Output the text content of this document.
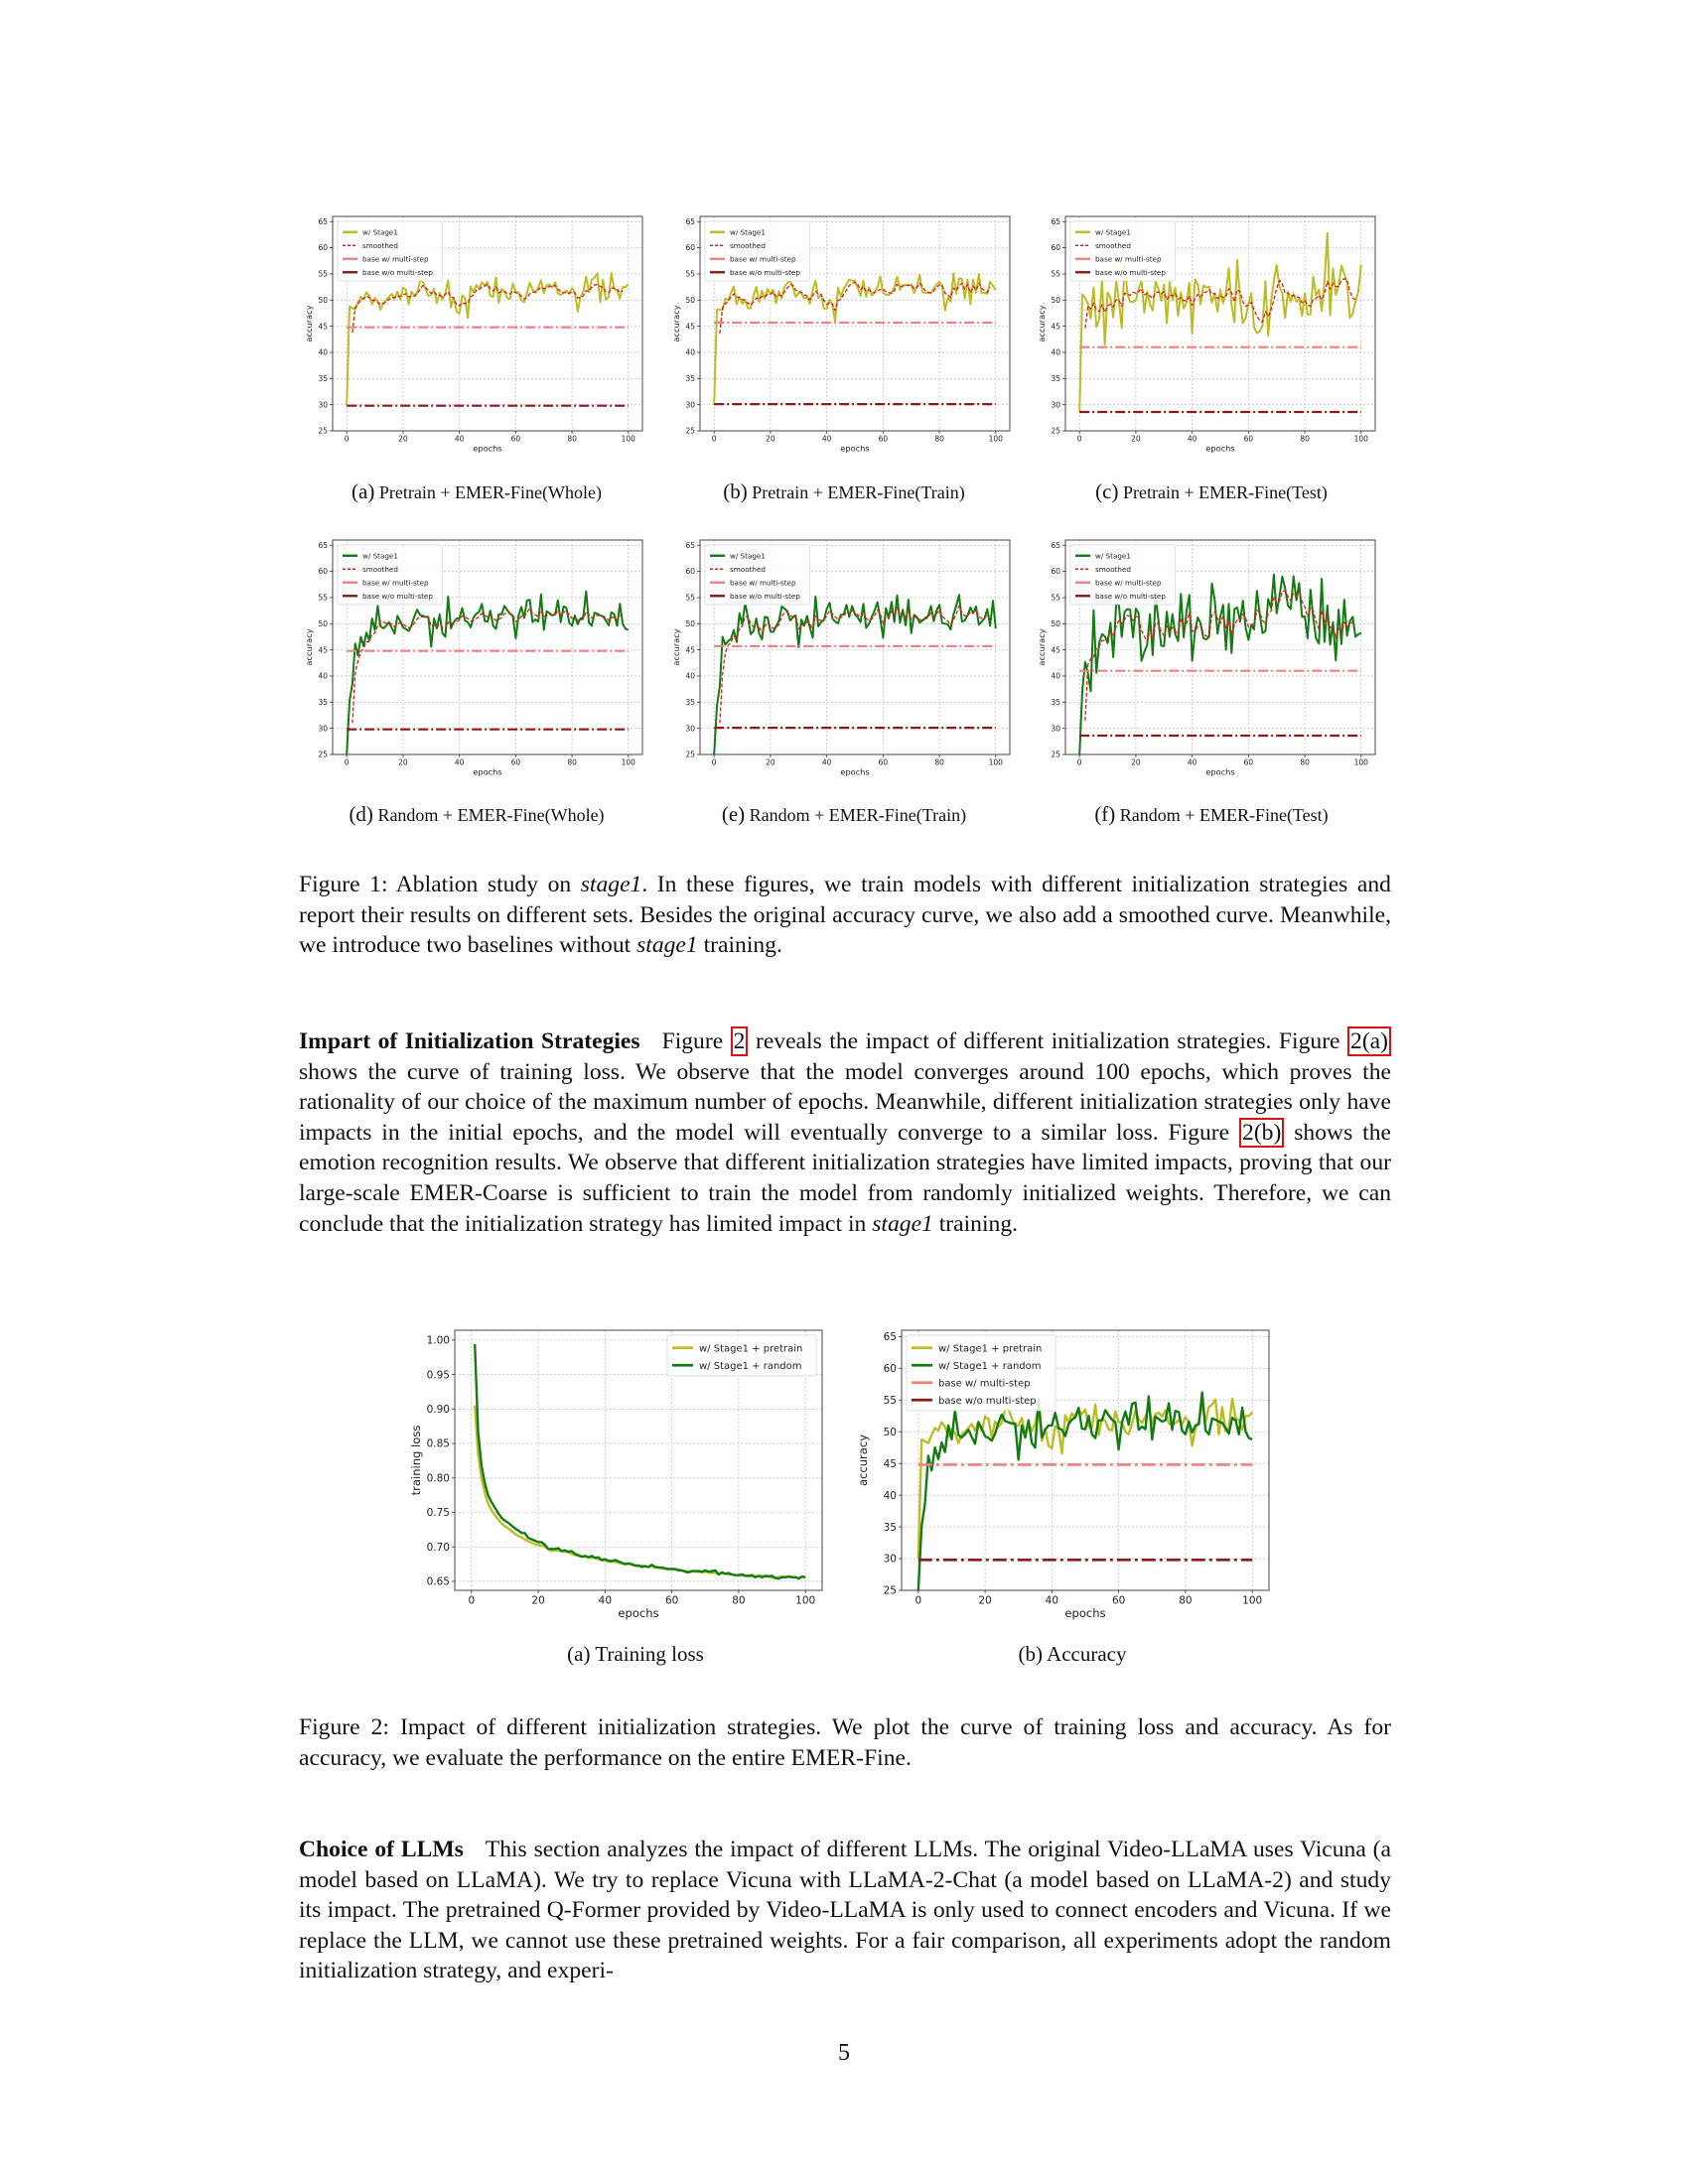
0	20	40	60	80	100
25
30
35
40
45
50
55
60
65
epochs
accuracy
w/ Stage1
smoothed
base w/ multi-step
base w/o multi-step
0	20	40	60	80	100
25
30
35
40
45
50
55
60
65
epochs
accuracy
w/ Stage1
smoothed
base w/ multi-step
base w/o multi-step
0	20	40	60	80	100
25
30
35
40
45
50
55
60
65
epochs
accuracy
w/ Stage1
smoothed
base w/ multi-step
base w/o multi-step
0	20	40	60	80	100
25
30
35
40
45
50
55
60
65
epochs
accuracy
w/ Stage1
smoothed
base w/ multi-step
base w/o multi-step
0	20	40	60	80	100
25
30
35
40
45
50
55
60
65
epochs
accuracy
w/ Stage1
smoothed
base w/ multi-step
base w/o multi-step
0	20	40	60	80	100
25
30
35
40
45
50
55
60
65
epochs
accuracy
w/ Stage1
smoothed
base w/ multi-step
base w/o multi-step
(a) Pretrain + EMER-Fine(Whole)	(b) Pretrain + EMER-Fine(Train)	(c) Pretrain + EMER-Fine(Test)
(d) Random + EMER-Fine(Whole)	(e) Random + EMER-Fine(Train)	(f) Random + EMER-Fine(Test)

Figure 1: Ablation study on stage1. In these figures, we train models with different initialization strategies and report their results on different sets. Besides the original accuracy curve, we also add a smoothed curve. Meanwhile, we introduce two baselines without stage1 training.

Impart of Initialization Strategies Figure 2 reveals the impact of different initialization strategies. Figure 2(a) shows the curve of training loss. We observe that the model converges around 100 epochs, which proves the rationality of our choice of the maximum number of epochs. Meanwhile, different initialization strategies only have impacts in the initial epochs, and the model will eventually converge to a similar loss. Figure 2(b) shows the emotion recognition results. We observe that different initialization strategies have limited impacts, proving that our large-scale EMER-Coarse is sufficient to train the model from randomly initialized weights. Therefore, we can conclude that the initialization strategy has limited impact in stage1 training.

0	20	40	60	80	100
0.65
0.70
0.75
0.80
0.85
0.90
0.95
1.00
epochs
training loss
w/ Stage1 + pretrain
w/ Stage1 + random
0	20	40	60	80	100
25
30
35
40
45
50
55
60
65
epochs
accuracy
w/ Stage1 + pretrain
w/ Stage1 + random
base w/ multi-step
base w/o multi-step
(a) Training loss	(b) Accuracy

Figure 2: Impact of different initialization strategies. We plot the curve of training loss and accuracy. As for accuracy, we evaluate the performance on the entire EMER-Fine.

Choice of LLMs This section analyzes the impact of different LLMs. The original Video-LLaMA uses Vicuna (a model based on LLaMA). We try to replace Vicuna with LLaMA-2-Chat (a model based on LLaMA-2) and study its impact. The pretrained Q-Former provided by Video-LLaMA is only used to connect encoders and Vicuna. If we replace the LLM, we cannot use these pretrained weights. For a fair comparison, all experiments adopt the random initialization strategy, and experi-

5
